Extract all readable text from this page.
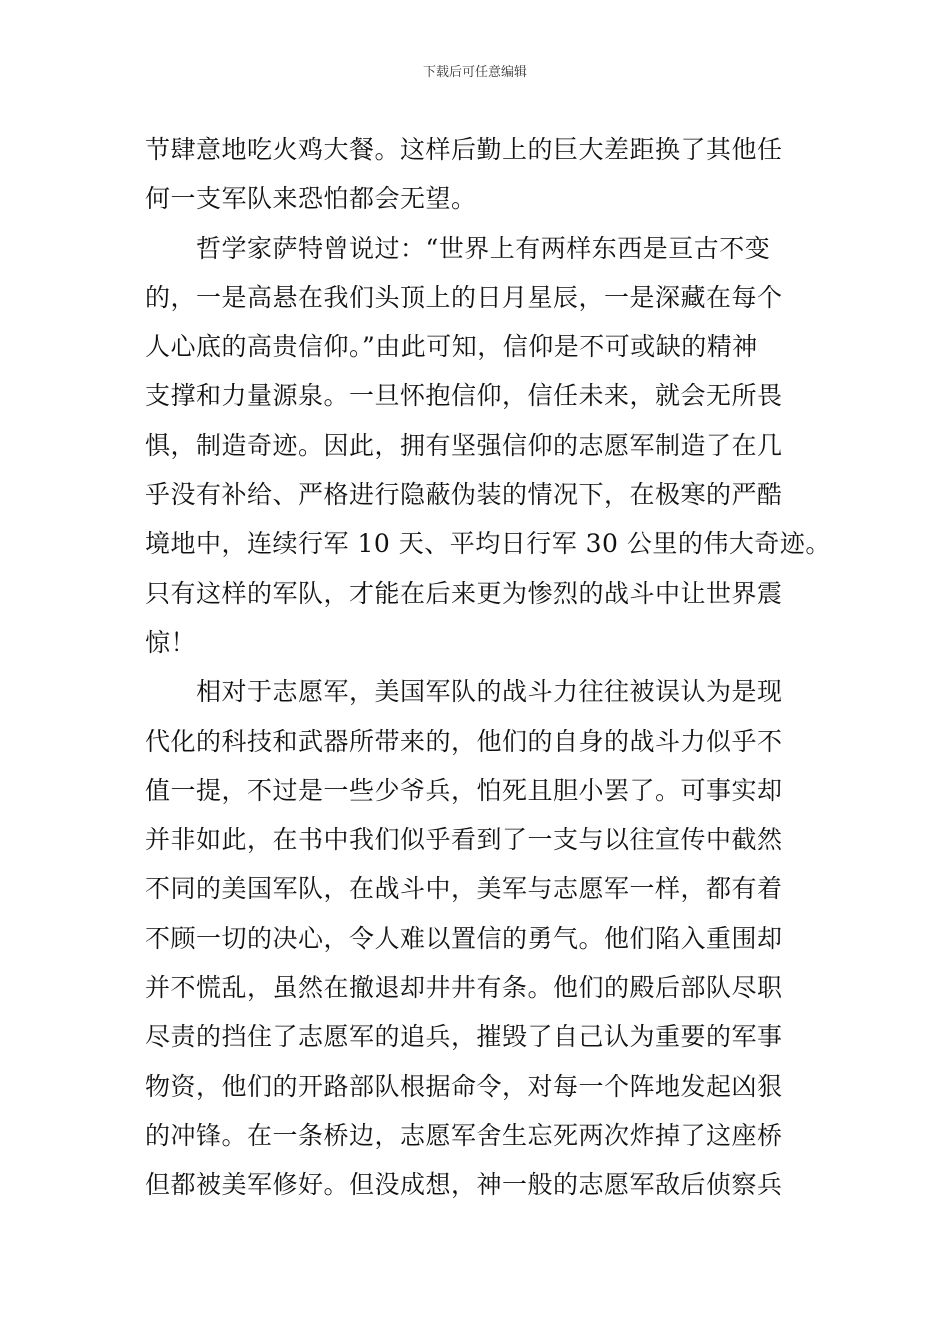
下载后可任意编辑
节肆意地吃火鸡大餐。这样后勤上的巨大差距换了其他任
何一支军队来恐怕都会无望。
　　哲学家萨特曾说过：“世界上有两样东西是亘古不变
的，一是高悬在我们头顶上的日月星辰，一是深藏在每个
人心底的高贵信仰。”由此可知，信仰是不可或缺的精神
支撑和力量源泉。一旦怀抱信仰，信任未来，就会无所畏
惧，制造奇迹。因此，拥有坚强信仰的志愿军制造了在几
乎没有补给、严格进行隐蔽伪装的情况下，在极寒的严酷
境地中，连续行军 10 天、平均日行军 30 公里的伟大奇迹。
只有这样的军队，才能在后来更为惨烈的战斗中让世界震
惊！
　　相对于志愿军，美国军队的战斗力往往被误认为是现
代化的科技和武器所带来的，他们的自身的战斗力似乎不
值一提，不过是一些少爷兵，怕死且胆小罢了。可事实却
并非如此，在书中我们似乎看到了一支与以往宣传中截然
不同的美国军队，在战斗中，美军与志愿军一样，都有着
不顾一切的决心，令人难以置信的勇气。他们陷入重围却
并不慌乱，虽然在撤退却井井有条。他们的殿后部队尽职
尽责的挡住了志愿军的追兵，摧毁了自己认为重要的军事
物资，他们的开路部队根据命令，对每一个阵地发起凶狠
的冲锋。在一条桥边，志愿军舍生忘死两次炸掉了这座桥
但都被美军修好。但没成想，神一般的志愿军敌后侦察兵
